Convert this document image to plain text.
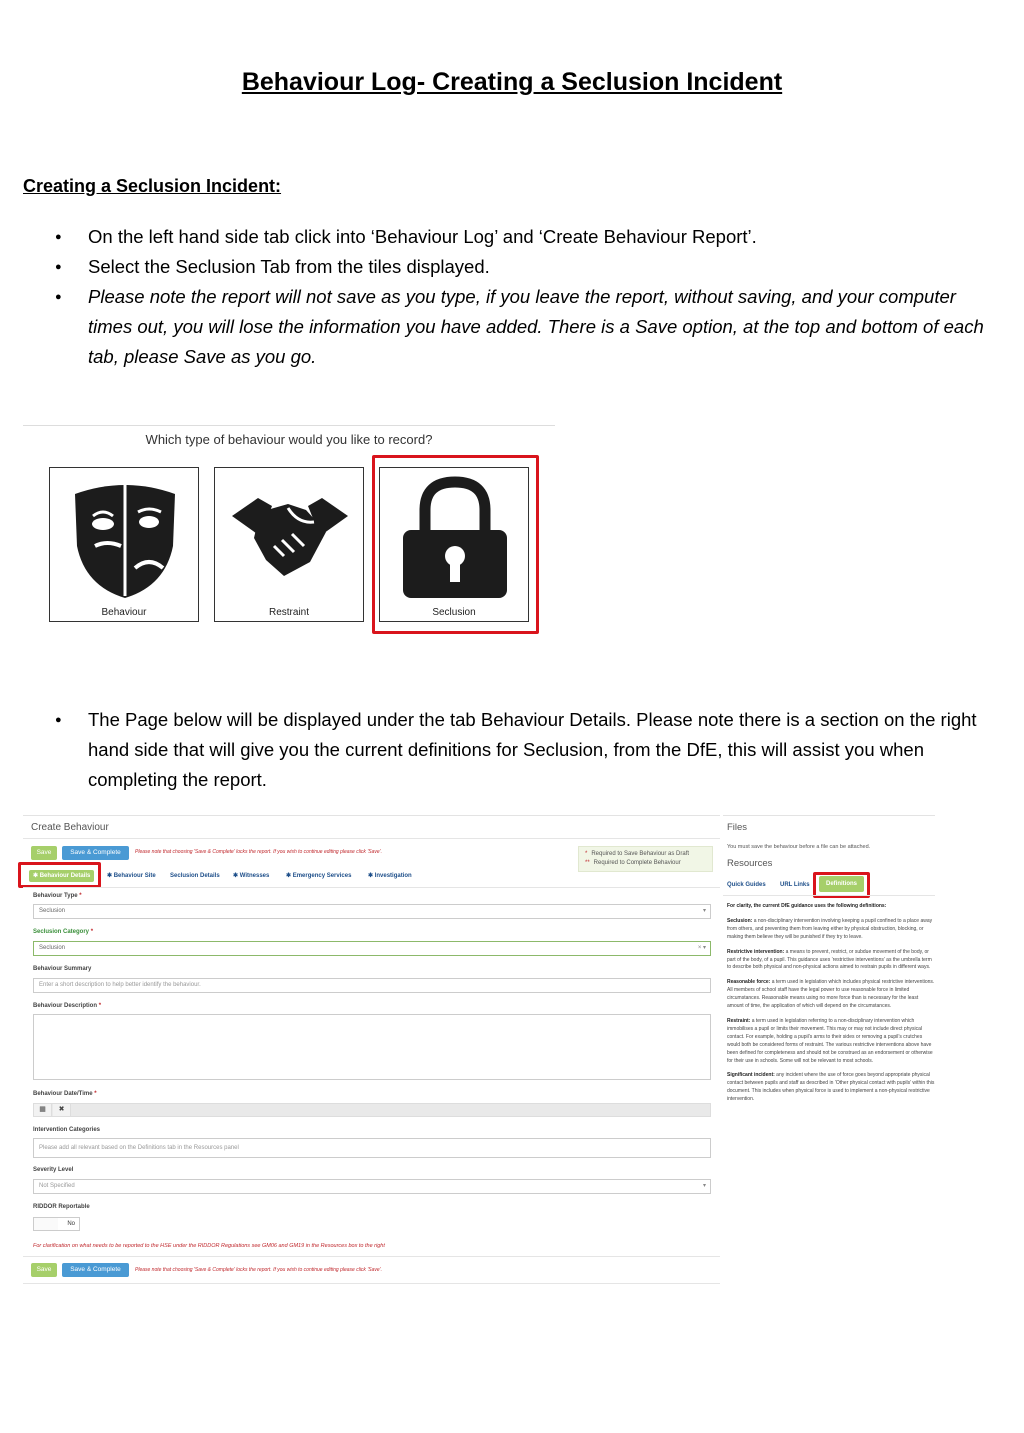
Behaviour Log- Creating a Seclusion Incident
Creating a Seclusion Incident:
● On the left hand side tab click into ‘Behaviour Log’ and ‘Create Behaviour Report’.
● Select the Seclusion Tab from the tiles displayed.
● Please note the report will not save as you type, if you leave the report, without saving, and your computer times out, you will lose the information you have added. There is a Save option, at the top and bottom of each tab, please Save as you go.
Which type of behaviour would you like to record?
Behaviour	Restraint	Seclusion
● The Page below will be displayed under the tab Behaviour Details. Please note there is a section on the right hand side that will give you the current definitions for Seclusion, from the DfE, this will assist you when completing the report.
Create Behaviour
Save	Save & Complete	Please note that choosing 'Save & Complete' locks the report. If you wish to continue editing please click 'Save'.	* Required to Save Behaviour as Draft
** Required to Complete Behaviour
✱ Behaviour Details	✱ Behaviour Site Seclusion Details ✱ Witnesses	✱ Emergency Services	✱ Investigation
Behaviour Type *
Seclusion	▾
Seclusion Category *
Seclusion	× ▾
Behaviour Summary
Enter a short description to help better identify the behaviour.
Behaviour Description *
Behaviour Date/Time *
▦	✖
Intervention Categories
Please add all relevant based on the Definitions tab in the Resources panel
Severity Level
Not Specified	▾
RIDDOR Reportable
No
For clarification on what needs to be reported to the HSE under the RIDDOR Regulations see GM06 and GM19 in the Resources box to the right
Save	Save & Complete	Please note that choosing 'Save & Complete' locks the report. If you wish to continue editing please click 'Save'.
Files
You must save the behaviour before a file can be attached.
Resources
Quick Guides URL Links	Definitions

For clarity, the current DfE guidance uses the following definitions:

Seclusion: a non-disciplinary intervention involving keeping a pupil confined to a place away from others, and preventing them from leaving either by physical obstruction, blocking, or making them believe they will be punished if they try to leave.

Restrictive intervention: a means to prevent, restrict, or subdue movement of the body, or part of the body, of a pupil. This guidance uses ‘restrictive interventions’ as the umbrella term to describe both physical and non-physical actions aimed to restrain pupils in different ways.

Reasonable force: a term used in legislation which includes physical restrictive interventions. All members of school staff have the legal power to use reasonable force in limited circumstances. Reasonable means using no more force than is necessary for the least amount of time, the application of which will depend on the circumstances.

Restraint: a term used in legislation referring to a non-disciplinary intervention which immobilises a pupil or limits their movement. This may or may not include direct physical contact. For example, holding a pupil’s arms to their sides or removing a pupil’s crutches would both be considered forms of restraint. The various restrictive interventions above have been defined for completeness and should not be construed as an endorsement or otherwise for their use in schools. Some will not be relevant to most schools.

Significant incident: any incident where the use of force goes beyond appropriate physical contact between pupils and staff as described in ‘Other physical contact with pupils’ within this document. This includes when physical force is used to implement a non-physical restrictive intervention.
